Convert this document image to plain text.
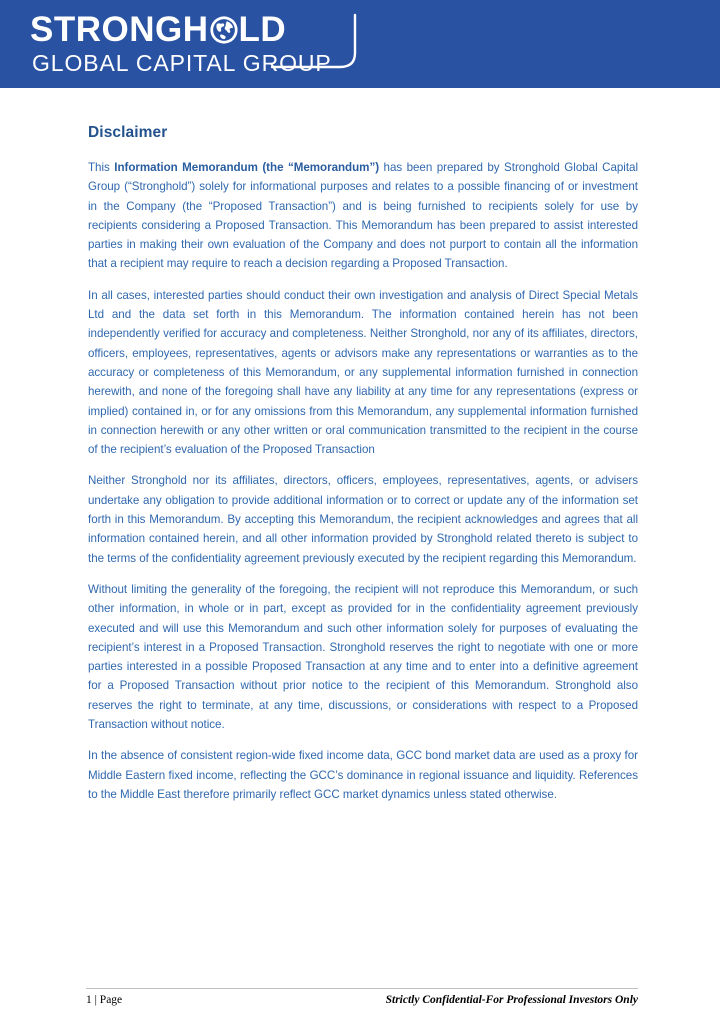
STRONGH LD
GLOBAL CAPITAL GROUP
Disclaimer

This Information Memorandum (the “Memorandum”) has been prepared by Stronghold Global Capital Group (“Stronghold”) solely for informational purposes and relates to a possible financing of or investment in the Company (the “Proposed Transaction”) and is being furnished to recipients solely for use by recipients considering a Proposed Transaction. This Memorandum has been prepared to assist interested parties in making their own evaluation of the Company and does not purport to contain all the information that a recipient may require to reach a decision regarding a Proposed Transaction.

In all cases, interested parties should conduct their own investigation and analysis of Direct Special Metals Ltd and the data set forth in this Memorandum. The information contained herein has not been independently verified for accuracy and completeness. Neither Stronghold, nor any of its affiliates, directors, officers, employees, representatives, agents or advisors make any representations or warranties as to the accuracy or completeness of this Memorandum, or any supplemental information furnished in connection herewith, and none of the foregoing shall have any liability at any time for any representations (express or implied) contained in, or for any omissions from this Memorandum, any supplemental information furnished in connection herewith or any other written or oral communication transmitted to the recipient in the course of the recipient’s evaluation of the Proposed Transaction

Neither Stronghold nor its affiliates, directors, officers, employees, representatives, agents, or advisers undertake any obligation to provide additional information or to correct or update any of the information set forth in this Memorandum. By accepting this Memorandum, the recipient acknowledges and agrees that all information contained herein, and all other information provided by Stronghold related thereto is subject to the terms of the confidentiality agreement previously executed by the recipient regarding this Memorandum.

Without limiting the generality of the foregoing, the recipient will not reproduce this Memorandum, or such other information, in whole or in part, except as provided for in the confidentiality agreement previously executed and will use this Memorandum and such other information solely for purposes of evaluating the recipient’s interest in a Proposed Transaction. Stronghold reserves the right to negotiate with one or more parties interested in a possible Proposed Transaction at any time and to enter into a definitive agreement for a Proposed Transaction without prior notice to the recipient of this Memorandum. Stronghold also reserves the right to terminate, at any time, discussions, or considerations with respect to a Proposed Transaction without notice.

In the absence of consistent region-wide fixed income data, GCC bond market data are used as a proxy for Middle Eastern fixed income, reflecting the GCC’s dominance in regional issuance and liquidity. References to the Middle East therefore primarily reflect GCC market dynamics unless stated otherwise.

1 | Page	Strictly Confidential-For Professional Investors Only
